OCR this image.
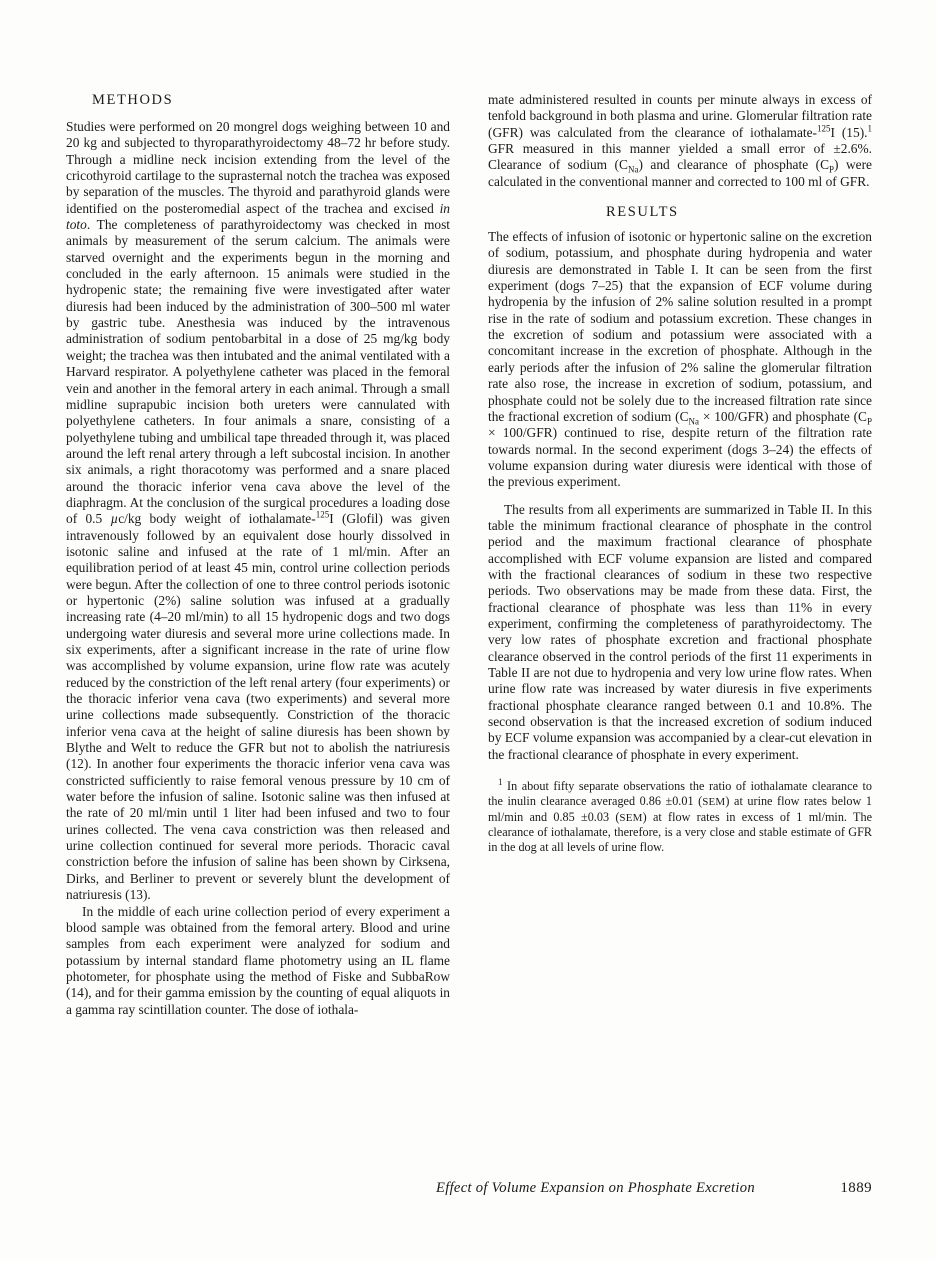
METHODS

Studies were performed on 20 mongrel dogs weighing between 10 and 20 kg and subjected to thyroparathyroidectomy 48–72 hr before study. Through a midline neck incision extending from the level of the cricothyroid cartilage to the suprasternal notch the trachea was exposed by separation of the muscles. The thyroid and parathyroid glands were identified on the posteromedial aspect of the trachea and excised in toto. The completeness of parathyroidectomy was checked in most animals by measurement of the serum calcium. The animals were starved overnight and the experiments begun in the morning and concluded in the early afternoon. 15 animals were studied in the hydropenic state; the remaining five were investigated after water diuresis had been induced by the administration of 300–500 ml water by gastric tube. Anesthesia was induced by the intravenous administration of sodium pentobarbital in a dose of 25 mg/kg body weight; the trachea was then intubated and the animal ventilated with a Harvard respirator. A polyethylene catheter was placed in the femoral vein and another in the femoral artery in each animal. Through a small midline suprapubic incision both ureters were cannulated with polyethylene catheters. In four animals a snare, consisting of a polyethylene tubing and umbilical tape threaded through it, was placed around the left renal artery through a left subcostal incision. In another six animals, a right thoracotomy was performed and a snare placed around the thoracic inferior vena cava above the level of the diaphragm. At the conclusion of the surgical procedures a loading dose of 0.5 µc/kg body weight of iothalamate-$^{125}$I (Glofil) was given intravenously followed by an equivalent dose hourly dissolved in isotonic saline and infused at the rate of 1 ml/min. After an equilibration period of at least 45 min, control urine collection periods were begun. After the collection of one to three control periods isotonic or hypertonic (2%) saline solution was infused at a gradually increasing rate (4–20 ml/min) to all 15 hydropenic dogs and two dogs undergoing water diuresis and several more urine collections made. In six experiments, after a significant increase in the rate of urine flow was accomplished by volume expansion, urine flow rate was acutely reduced by the constriction of the left renal artery (four experiments) or the thoracic inferior vena cava (two experiments) and several more urine collections made subsequently. Constriction of the thoracic inferior vena cava at the height of saline diuresis has been shown by Blythe and Welt to reduce the GFR but not to abolish the natriuresis (12). In another four experiments the thoracic inferior vena cava was constricted sufficiently to raise femoral venous pressure by 10 cm of water before the infusion of saline. Isotonic saline was then infused at the rate of 20 ml/min until 1 liter had been infused and two to four urines collected. The vena cava constriction was then released and urine collection continued for several more periods. Thoracic caval constriction before the infusion of saline has been shown by Cirksena, Dirks, and Berliner to prevent or severely blunt the development of natriuresis (13).

In the middle of each urine collection period of every experiment a blood sample was obtained from the femoral artery. Blood and urine samples from each experiment were analyzed for sodium and potassium by internal standard flame photometry using an IL flame photometer, for phosphate using the method of Fiske and SubbaRow (14), and for their gamma emission by the counting of equal aliquots in a gamma ray scintillation counter. The dose of iothala-

mate administered resulted in counts per minute always in excess of tenfold background in both plasma and urine. Glomerular filtration rate (GFR) was calculated from the clearance of iothalamate-$^{125}$I (15).$^1$ GFR measured in this manner yielded a small error of ±2.6%. Clearance of sodium $(C_{Na})$ and clearance of phosphate $(C_P)$ were calculated in the conventional manner and corrected to 100 ml of GFR.

RESULTS

The effects of infusion of isotonic or hypertonic saline on the excretion of sodium, potassium, and phosphate during hydropenia and water diuresis are demonstrated in Table I. It can be seen from the first experiment (dogs 7–25) that the expansion of ECF volume during hydropenia by the infusion of 2% saline solution resulted in a prompt rise in the rate of sodium and potassium excretion. These changes in the excretion of sodium and potassium were associated with a concomitant increase in the excretion of phosphate. Although in the early periods after the infusion of 2% saline the glomerular filtration rate also rose, the increase in excretion of sodium, potassium, and phosphate could not be solely due to the increased filtration rate since the fractional excretion of sodium $(C_{Na} \times 100/GFR)$ and phosphate $(C_P \times 100/GFR)$ continued to rise, despite return of the filtration rate towards normal. In the second experiment (dogs 3–24) the effects of volume expansion during water diuresis were identical with those of the previous experiment.

The results from all experiments are summarized in Table II. In this table the minimum fractional clearance of phosphate in the control period and the maximum fractional clearance of phosphate accomplished with ECF volume expansion are listed and compared with the fractional clearances of sodium in these two respective periods. Two observations may be made from these data. First, the fractional clearance of phosphate was less than 11% in every experiment, confirming the completeness of parathyroidectomy. The very low rates of phosphate excretion and fractional phosphate clearance observed in the control periods of the first 11 experiments in Table II are not due to hydropenia and very low urine flow rates. When urine flow rate was increased by water diuresis in five experiments fractional phosphate clearance ranged between 0.1 and 10.8%. The second observation is that the increased excretion of sodium induced by ECF volume expansion was accompanied by a clear-cut elevation in the fractional clearance of phosphate in every experiment.

$^1$ In about fifty separate observations the ratio of iothalamate clearance to the inulin clearance averaged 0.86 ±0.01 (SEM) at urine flow rates below 1 ml/min and 0.85 ±0.03 (SEM) at flow rates in excess of 1 ml/min. The clearance of iothalamate, therefore, is a very close and stable estimate of GFR in the dog at all levels of urine flow.

Effect of Volume Expansion on Phosphate Excretion	1889
